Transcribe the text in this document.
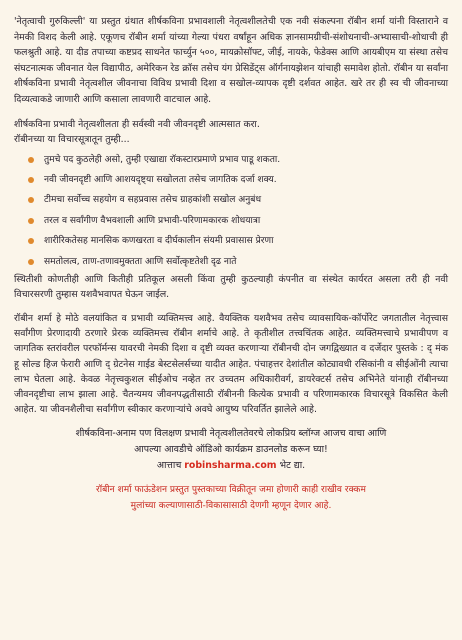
'नेतृत्वाची गुरुकिल्ली' या प्रस्तुत ग्रंथात शीर्षकविना प्रभावशाली नेतृत्वशीलतेची एक नवी संकल्पना रॉबीन शर्मा यांनी विस्ताराने व नेमकी विशद केली आहे. एकूणच रॉबीन शर्मा यांच्या गेल्या पंधरा वर्षांहून अधिक ज्ञानसामग्रीची-संशोधनाची-अभ्यासाची-शोधाची ही फलश्रुती आहे. या दीड तपाच्या कष्टप्रद साधनेत फार्च्युन ५००, मायक्रोसॉफ्ट, जीई, नायके, फेडेक्स आणि आयबीएम या संस्था तसेच संघटनात्मक जीवनात येल विद्यापीठ, अमेरिकन रेड क्रॉस तसेच यंग प्रेसिडेंट्स ऑर्गनायझेशन यांचाही समावेश होतो. रॉबीन या सर्वांना शीर्षकविना प्रभावी नेतृत्वशील जीवनाचा विविध प्रभावी दिशा व सखोल-व्यापक दृष्टी दर्शवत आहेत. खरे तर ही स्व ची जीवनाच्या दिव्यत्वाकडे जाणारी आणि कसाला लावणारी वाटचाल आहे.

शीर्षकविना प्रभावी नेतृत्वशीलता ही सर्वस्वी नवी जीवनदृष्टी आत्मसात करा.

रॉबीनच्या या विचारसूत्रातून तुम्ही...

तुमचे पद कुठलेही असो, तुम्ही एखाद्या रॉकस्टारप्रमाणे प्रभाव पाडू शकता.
नवी जीवनदृष्टी आणि आशयदृष्ट्या सखोलता तसेच जागतिक दर्जा शक्य.
टीमचा सर्वोच्च सहयोग व सहप्रवास तसेच ग्राहकांशी सखोल अनुबंध
तरल व सर्वांगीण वैभवशाली आणि प्रभावी-परिणामकारक शोधयात्रा
शारीरिकतेसह मानसिक कणखरता व दीर्घकालीन संयमी प्रवासास प्रेरणा
समतोलत्व, ताण-तणावमुक्तता आणि सर्वोत्कृष्टतेशी दृढ नाते

स्थितीशी कोणतीही आणि कितीही प्रतिकूल असली किंवा तुम्ही कुठल्याही कंपनीत वा संस्थेत कार्यरत असला तरी ही नवी विचारसरणी तुम्हास यशवैभवापत घेऊन जाईल.

रॉबीन शर्मा हे मोठे वलयांकित व प्रभावी व्यक्तिमत्त्व आहे. वैयक्तिक यशवैभव तसेच व्यावसायिक-कॉर्पोरेट जगतातील नेतृत्त्वास सर्वांगीण प्रेरणादायी ठरणारे प्रेरक व्यक्तिमत्त्व रॉबीन शर्माचे आहे. ते कृतीशील तत्त्वचिंतक आहेत. व्यक्तिमत्त्वाचे प्रभावीपण व जागतिक स्तरांवरील परफॉर्मन्स यावरची नेमकी दिशा व दृष्टी व्यक्त करणाऱ्या रॉबीनची दोन जगद्विख्यात व दर्जेदार पुस्तके : द् मंक हू सोल्ड हिज फेरारी आणि द् ग्रेटनेस गाईड बेस्टसेलर्सच्या यादीत आहेत. पंचाहत्तर देशांतील कोट्यावधी रसिकांनी व सीईओंनी त्याचा लाभ घेतला आहे. केवळ नेतृत्त्वकुशल सीईओच नव्हेत तर उच्चतम अधिकारीवर्ग, डायरेक्टर्स तसेच अभिनेते यांनाही रॉबीनच्या जीवनदृष्टीचा लाभ झाला आहे. चैतन्यमय जीवनपद्धतीसाठी रॉबीननी कित्येक प्रभावी व परिणामकारक विचारसूत्रे विकसित केली आहेत. या जीवनशैलीचा सर्वांगीण स्वीकार करणाऱ्यांचे अवघे आयुष्य परिवर्तित झालेले आहे.

शीर्षकविना-अनाम पण विलक्षण प्रभावी नेतृत्वशीलतेवरचे लोकप्रिय ब्लॉग्ज आजच वाचा आणि

आपल्या आवडीचे ऑडिओ कार्यक्रम डाउनलोड करून घ्या!

आत्ताच robinsharma.com भेट द्या.

रॉबीन शर्मा फाऊंडेशन प्रस्तुत पुस्तकाच्या विक्रीतून जमा होणारी काही राखीव रक्कम

मुलांच्या कल्याणासाठी-विकासासाठी देणगी म्हणून देणार आहे.
